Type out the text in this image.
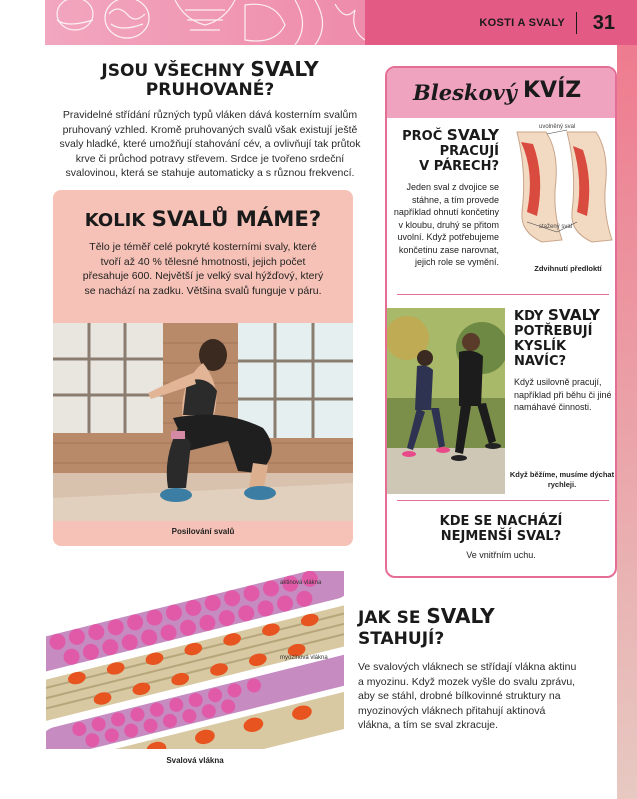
KOSTI A SVALY 31
JSOU VŠECHNY SVALY
PRUHOVANÉ?
Pravidelné střídání různých typů vláken dává kosterním svalům pruhovaný vzhled. Kromě pruhovaných svalů však existují ještě svaly hladké, které umožňují stahování cév, a ovlivňují tak průtok krve či průchod potravy střevem. Srdce je tvořeno srdeční svalovinou, která se stahuje automaticky a s různou frekvencí.
KOLIK SVALŮ MÁME?
Tělo je téměř celé pokryté kosterními svaly, které tvoří až 40 % tělesné hmotnosti, jejich počet přesahuje 600. Největší je velký sval hýžďový, který se nachází na zadku. Většina svalů funguje v páru.
Posilování svalů
Bleskový KVÍZ
PROČ SVALY
PRACUJÍ
V PÁRECH?
Jeden sval z dvojice se stáhne, a tím provede například ohnutí končetiny v kloubu, druhý se přitom uvolní. Když potřebujeme končetinu zase narovnat, jejich role se vymění.
uvolněný sval
stažený sval
Zdvihnutí předloktí
KDY SVALY
POTŘEBUJÍ
KYSLÍK
NAVÍC?
Když usilovně pracují, například při běhu či jiné namáhavé činnosti.
Když běžíme, musíme dýchat rychleji.
KDE SE NACHÁZÍ
NEJMENŠÍ SVAL?
Ve vnitřním uchu.
aktinová vlákna
myozinová vlákna
Svalová vlákna
JAK SE SVALY
STAHUJÍ?
Ve svalových vláknech se střídají vlákna aktinu a myozinu. Když mozek vyšle do svalu zprávu, aby se stáhl, drobné bílkovinné struktury na myozinových vláknech přitahují aktinová vlákna, a tím se sval zkracuje.
